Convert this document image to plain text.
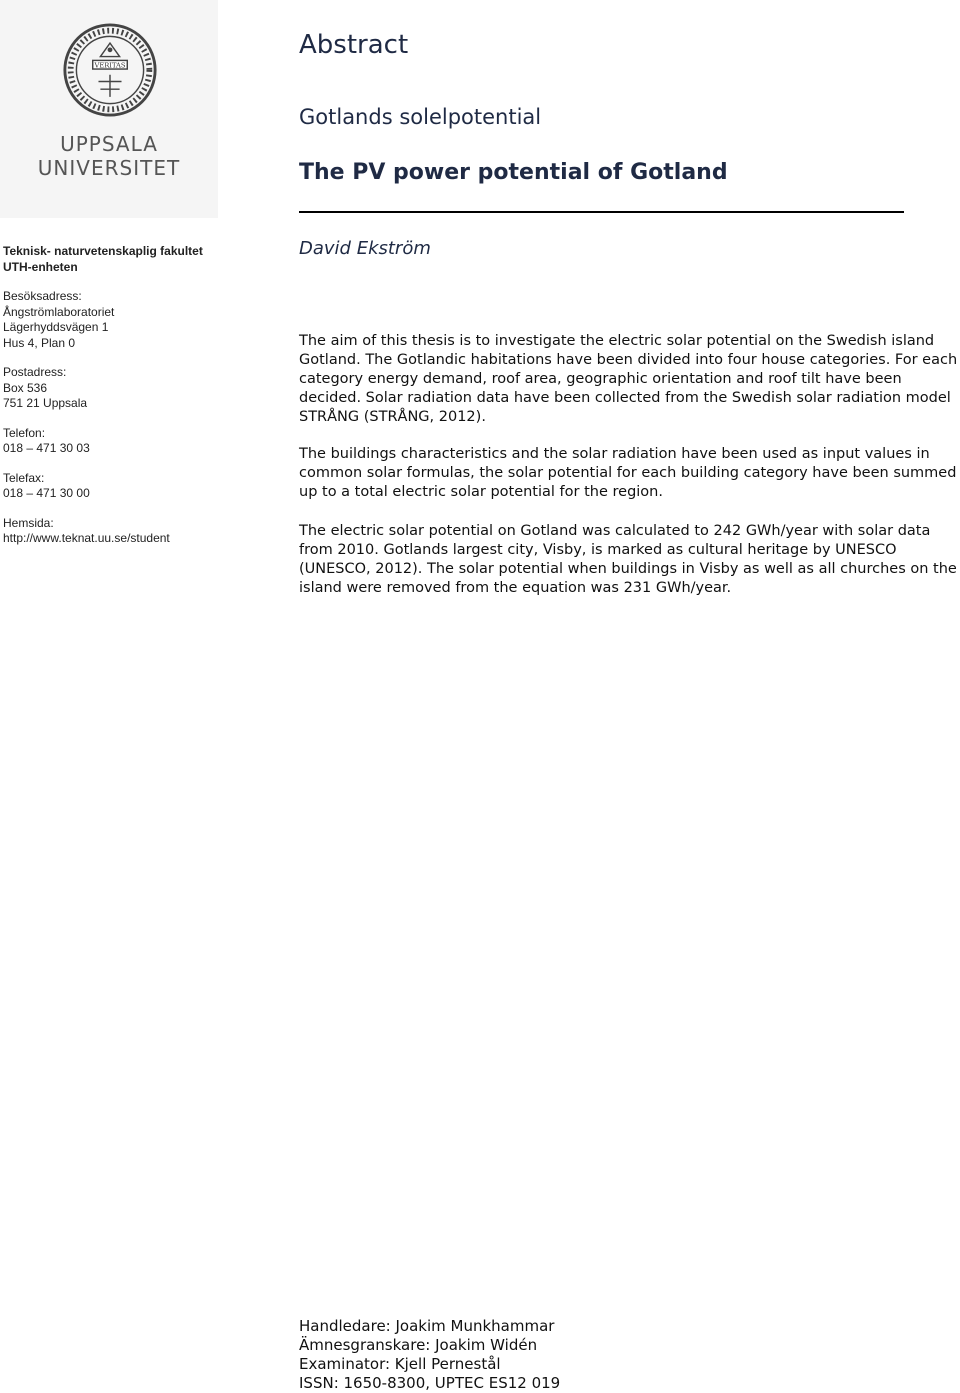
VERITAS
UPPSALA
UNIVERSITET
Teknisk- naturvetenskaplig fakultet
UTH-enheten
Besöksadress:
Ångströmlaboratoriet
Lägerhyddsvägen 1
Hus 4, Plan 0
Postadress:
Box 536
751 21 Uppsala
Telefon:
018 – 471 30 03
Telefax:
018 – 471 30 00
Hemsida:
http://www.teknat.uu.se/student
Abstract
Gotlands solelpotential
The PV power potential of Gotland
David Ekström
The aim of this thesis is to investigate the electric solar potential on the Swedish island Gotland. The Gotlandic habitations have been divided into four house categories. For each category energy demand, roof area, geographic orientation and roof tilt have been decided. Solar radiation data have been collected from the Swedish solar radiation model STRÅNG (STRÅNG, 2012).
The buildings characteristics and the solar radiation have been used as input values in common solar formulas, the solar potential for each building category have been summed up to a total electric solar potential for the region.
The electric solar potential on Gotland was calculated to 242 GWh/year with solar data from 2010. Gotlands largest city, Visby, is marked as cultural heritage by UNESCO (UNESCO, 2012). The solar potential when buildings in Visby as well as all churches on the island were removed from the equation was 231 GWh/year.
Handledare: Joakim Munkhammar
Ämnesgranskare: Joakim Widén
Examinator: Kjell Pernestål
ISSN: 1650-8300, UPTEC ES12 019
